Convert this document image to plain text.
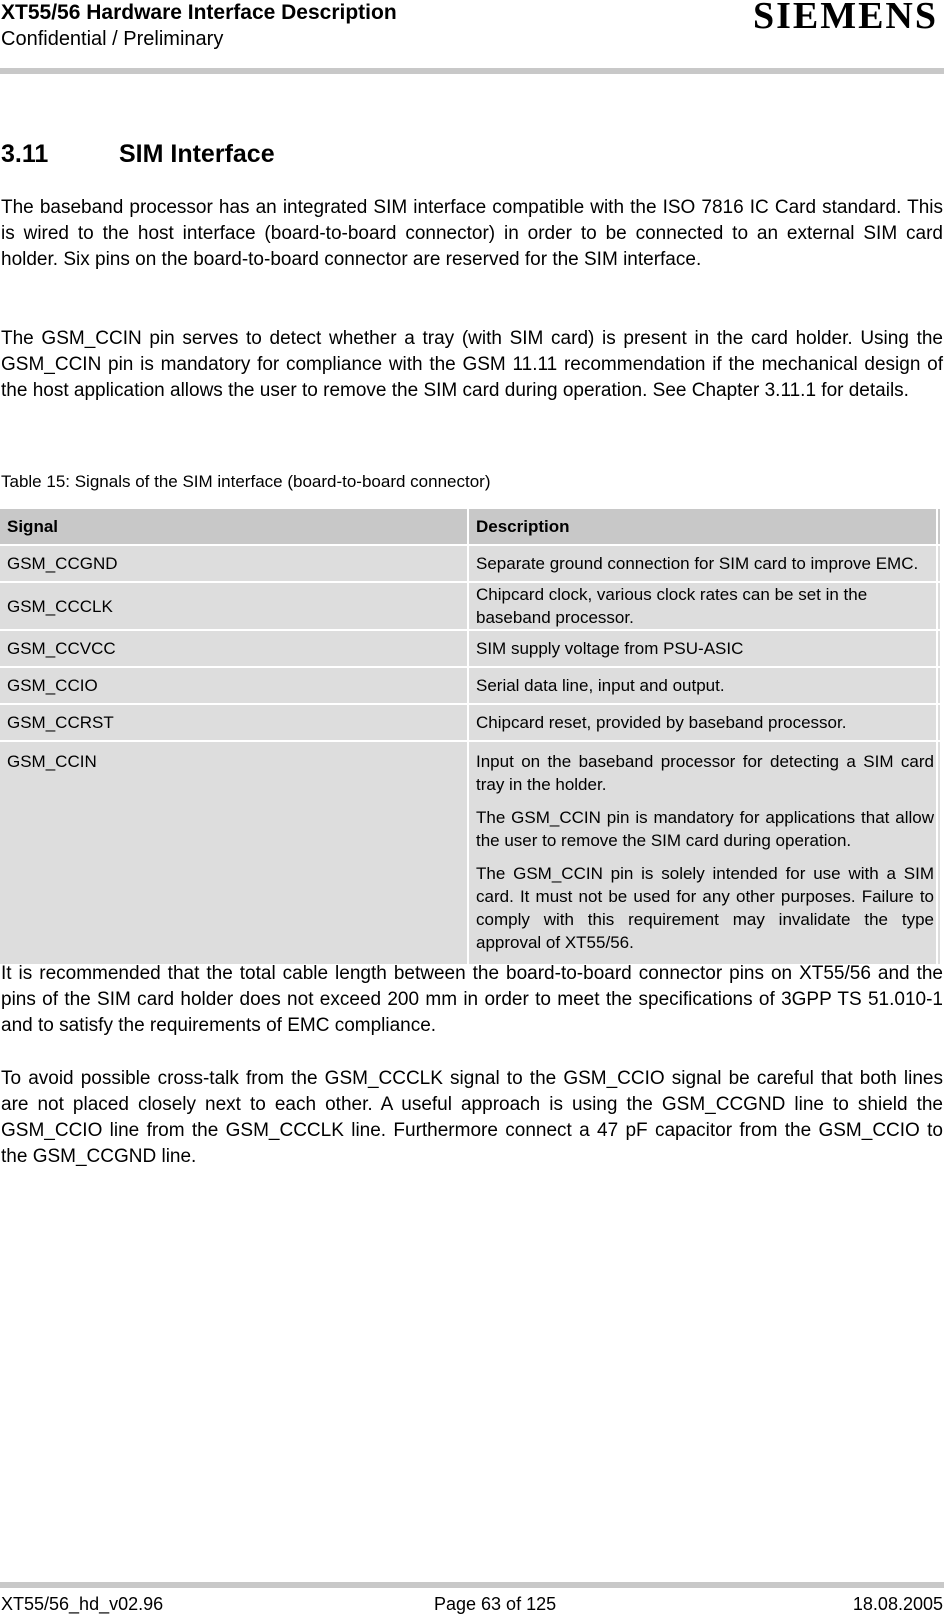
XT55/56 Hardware Interface Description
Confidential / Preliminary
SIEMENS
3.11	SIM Interface
The baseband processor has an integrated SIM interface compatible with the ISO 7816 IC Card standard. This is wired to the host interface (board-to-board connector) in order to be connected to an external SIM card holder. Six pins on the board-to-board connector are reserved for the SIM interface.
The GSM_CCIN pin serves to detect whether a tray (with SIM card) is present in the card holder. Using the GSM_CCIN pin is mandatory for compliance with the GSM 11.11 recommendation if the mechanical design of the host application allows the user to remove the SIM card during operation. See Chapter 3.11.1 for details.
Table 15: Signals of the SIM interface (board-to-board connector)
Signal	Description	
GSM_CCGND	Separate ground connection for SIM card to improve EMC.	
GSM_CCCLK	Chipcard clock, various clock rates can be set in the baseband processor.	
GSM_CCVCC	SIM supply voltage from PSU-ASIC	
GSM_CCIO	Serial data line, input and output.	
GSM_CCRST	Chipcard reset, provided by baseband processor.	
GSM_CCIN	Input on the baseband processor for detecting a SIM card tray in the holder.

The GSM_CCIN pin is mandatory for applications that allow the user to remove the SIM card during operation.

The GSM_CCIN pin is solely intended for use with a SIM card. It must not be used for any other purposes. Failure to comply with this requirement may invalidate the type approval of XT55/56.	

It is recommended that the total cable length between the board-to-board connector pins on XT55/56 and the pins of the SIM card holder does not exceed 200 mm in order to meet the specifications of 3GPP TS 51.010-1 and to satisfy the requirements of EMC compliance.
To avoid possible cross-talk from the GSM_CCCLK signal to the GSM_CCIO signal be careful that both lines are not placed closely next to each other. A useful approach is using the GSM_CCGND line to shield the GSM_CCIO line from the GSM_CCCLK line. Furthermore connect a 47 pF capacitor from the GSM_CCIO to the GSM_CCGND line.
XT55/56_hd_v02.96	Page 63 of 125	18.08.2005
